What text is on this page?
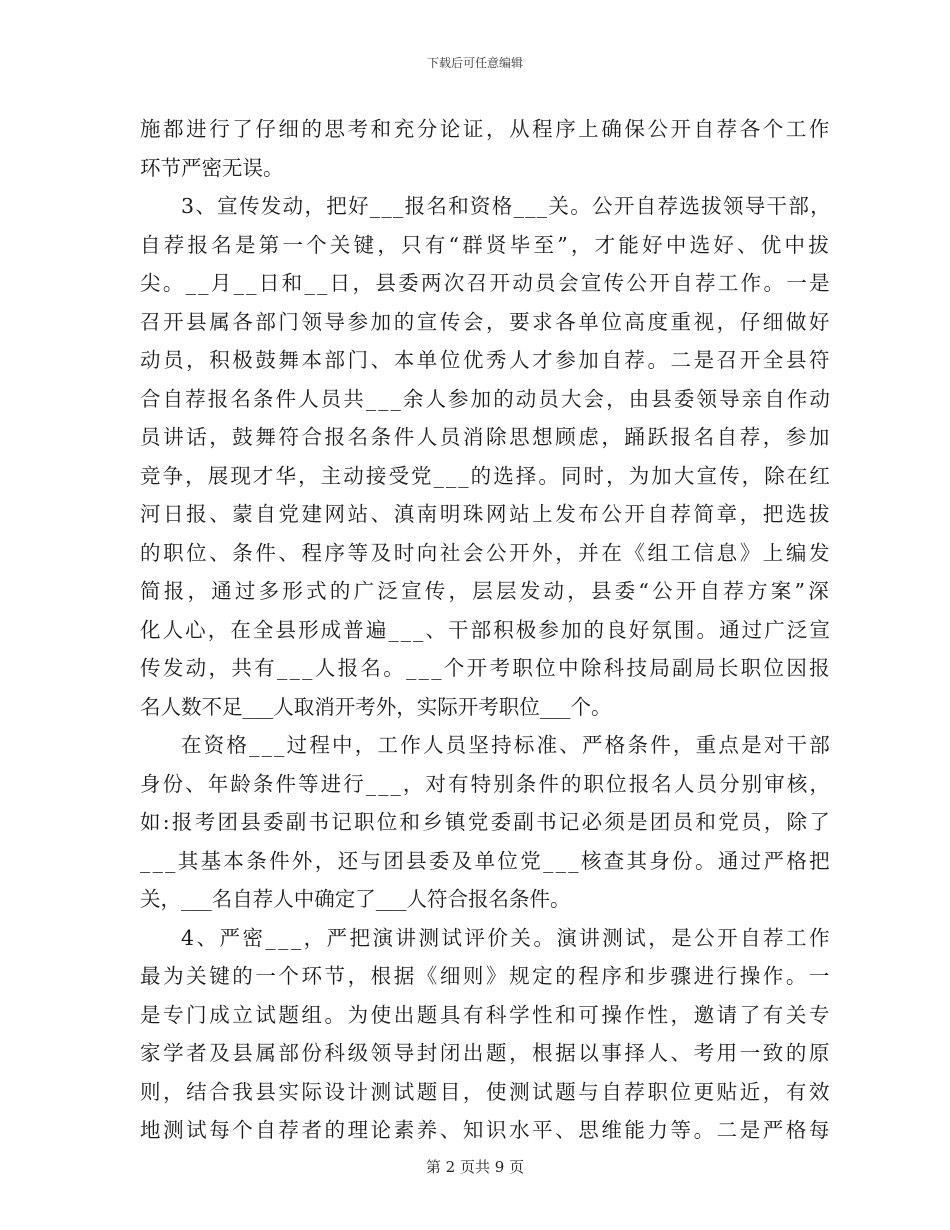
下载后可任意编辑
施都进行了仔细的思考和充分论证，从程序上确保公开自荐各个工作
环节严密无误。
3、宣传发动，把好___报名和资格___关。公开自荐选拔领导干部，
自荐报名是第一个关键，只有“群贤毕至”，才能好中选好、优中拔
尖。__月__日和__日，县委两次召开动员会宣传公开自荐工作。一是
召开县属各部门领导参加的宣传会，要求各单位高度重视，仔细做好
动员，积极鼓舞本部门、本单位优秀人才参加自荐。二是召开全县符
合自荐报名条件人员共___余人参加的动员大会，由县委领导亲自作动
员讲话，鼓舞符合报名条件人员消除思想顾虑，踊跃报名自荐，参加
竞争，展现才华，主动接受党___的选择。同时，为加大宣传，除在红
河日报、蒙自党建网站、滇南明珠网站上发布公开自荐简章，把选拔
的职位、条件、程序等及时向社会公开外，并在《组工信息》上编发
简报，通过多形式的广泛宣传，层层发动，县委“公开自荐方案”深
化人心，在全县形成普遍___、干部积极参加的良好氛围。通过广泛宣
传发动，共有___人报名。___个开考职位中除科技局副局长职位因报
名人数不足___人取消开考外，实际开考职位___个。
在资格___过程中，工作人员坚持标准、严格条件，重点是对干部
身份、年龄条件等进行___，对有特别条件的职位报名人员分别审核，
如:报考团县委副书记职位和乡镇党委副书记必须是团员和党员，除了
___其基本条件外，还与团县委及单位党___核查其身份。通过严格把
关，___名自荐人中确定了___人符合报名条件。
4、严密___，严把演讲测试评价关。演讲测试，是公开自荐工作
最为关键的一个环节，根据《细则》规定的程序和步骤进行操作。一
是专门成立试题组。为使出题具有科学性和可操作性，邀请了有关专
家学者及县属部份科级领导封闭出题，根据以事择人、考用一致的原
则，结合我县实际设计测试题目，使测试题与自荐职位更贴近，有效
地测试每个自荐者的理论素养、知识水平、思维能力等。二是严格每
第 2 页共 9 页
